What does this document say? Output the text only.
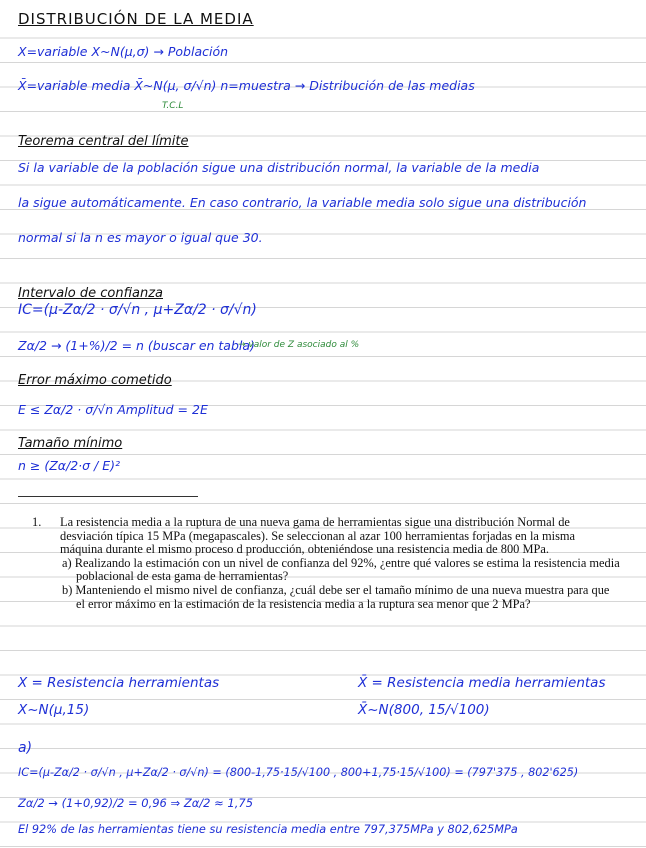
DISTRIBUCIÓN DE LA MEDIA
X=variable X~N(μ,σ) → Población
X̄=variable media X̄~N(μ, σ/√n) n=muestra → Distribución de las medias
T.C.L
Teorema central del límite
Si la variable de la población sigue una distribución normal, la variable de la media
la sigue automáticamente. En caso contrario, la variable media solo sigue una distribución
normal si la n es mayor o igual que 30.
Intervalo de confianza
IC=(μ-Zα/2 · σ/√n , μ+Zα/2 · σ/√n)
Zα/2 → (1+%)/2 = n (buscar en tabla)
→ valor de Z asociado al %
Error máximo cometido
E ≤ Zα/2 · σ/√n Amplitud = 2E
Tamaño mínimo
n ≥ (Zα/2·σ / E)²

1. La resistencia media a la ruptura de una nueva gama de herramientas sigue una distribución Normal de desviación típica 15 MPa (megapascales). Se seleccionan al azar 100 herramientas forjadas en la misma máquina durante el mismo proceso d producción, obteniéndose una resistencia media de 800 MPa.

a) Realizando la estimación con un nivel de confianza del 92%, ¿entre qué valores se estima la resistencia media poblacional de esta gama de herramientas?

b) Manteniendo el mismo nivel de confianza, ¿cuál debe ser el tamaño mínimo de una nueva muestra para que el error máximo en la estimación de la resistencia media a la ruptura sea menor que 2 MPa?

X = Resistencia herramientas	X̄ = Resistencia media herramientas
X~N(μ,15)	X̄~N(800, 15/√100)
a)
IC=(μ-Zα/2 · σ/√n , μ+Zα/2 · σ/√n) = (800-1,75·15/√100 , 800+1,75·15/√100) = (797'375 , 802'625)
Zα/2 → (1+0,92)/2 = 0,96 ⇒ Zα/2 ≈ 1,75
El 92% de las herramientas tiene su resistencia media entre 797,375MPa y 802,625MPa
